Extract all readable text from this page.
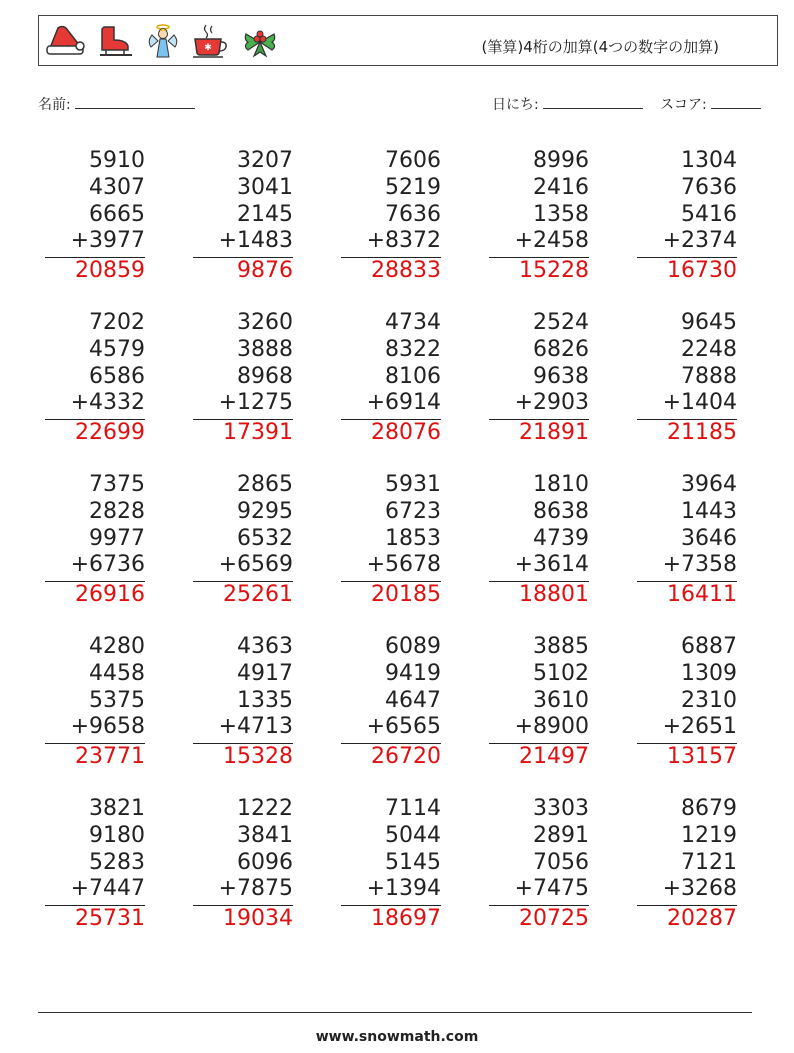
✱	(筆算)4桁の加算(4つの数字の加算)
名前:	日にち:	スコア:
5910
4307
6665
+3977
20859
3207
3041
2145
+1483
9876
7606
5219
7636
+8372
28833
8996
2416
1358
+2458
15228
1304
7636
5416
+2374
16730
7202
4579
6586
+4332
22699
3260
3888
8968
+1275
17391
4734
8322
8106
+6914
28076
2524
6826
9638
+2903
21891
9645
2248
7888
+1404
21185
7375
2828
9977
+6736
26916
2865
9295
6532
+6569
25261
5931
6723
1853
+5678
20185
1810
8638
4739
+3614
18801
3964
1443
3646
+7358
16411
4280
4458
5375
+9658
23771
4363
4917
1335
+4713
15328
6089
9419
4647
+6565
26720
3885
5102
3610
+8900
21497
6887
1309
2310
+2651
13157
3821
9180
5283
+7447
25731
1222
3841
6096
+7875
19034
7114
5044
5145
+1394
18697
3303
2891
7056
+7475
20725
8679
1219
7121
+3268
20287
www.snowmath.com
